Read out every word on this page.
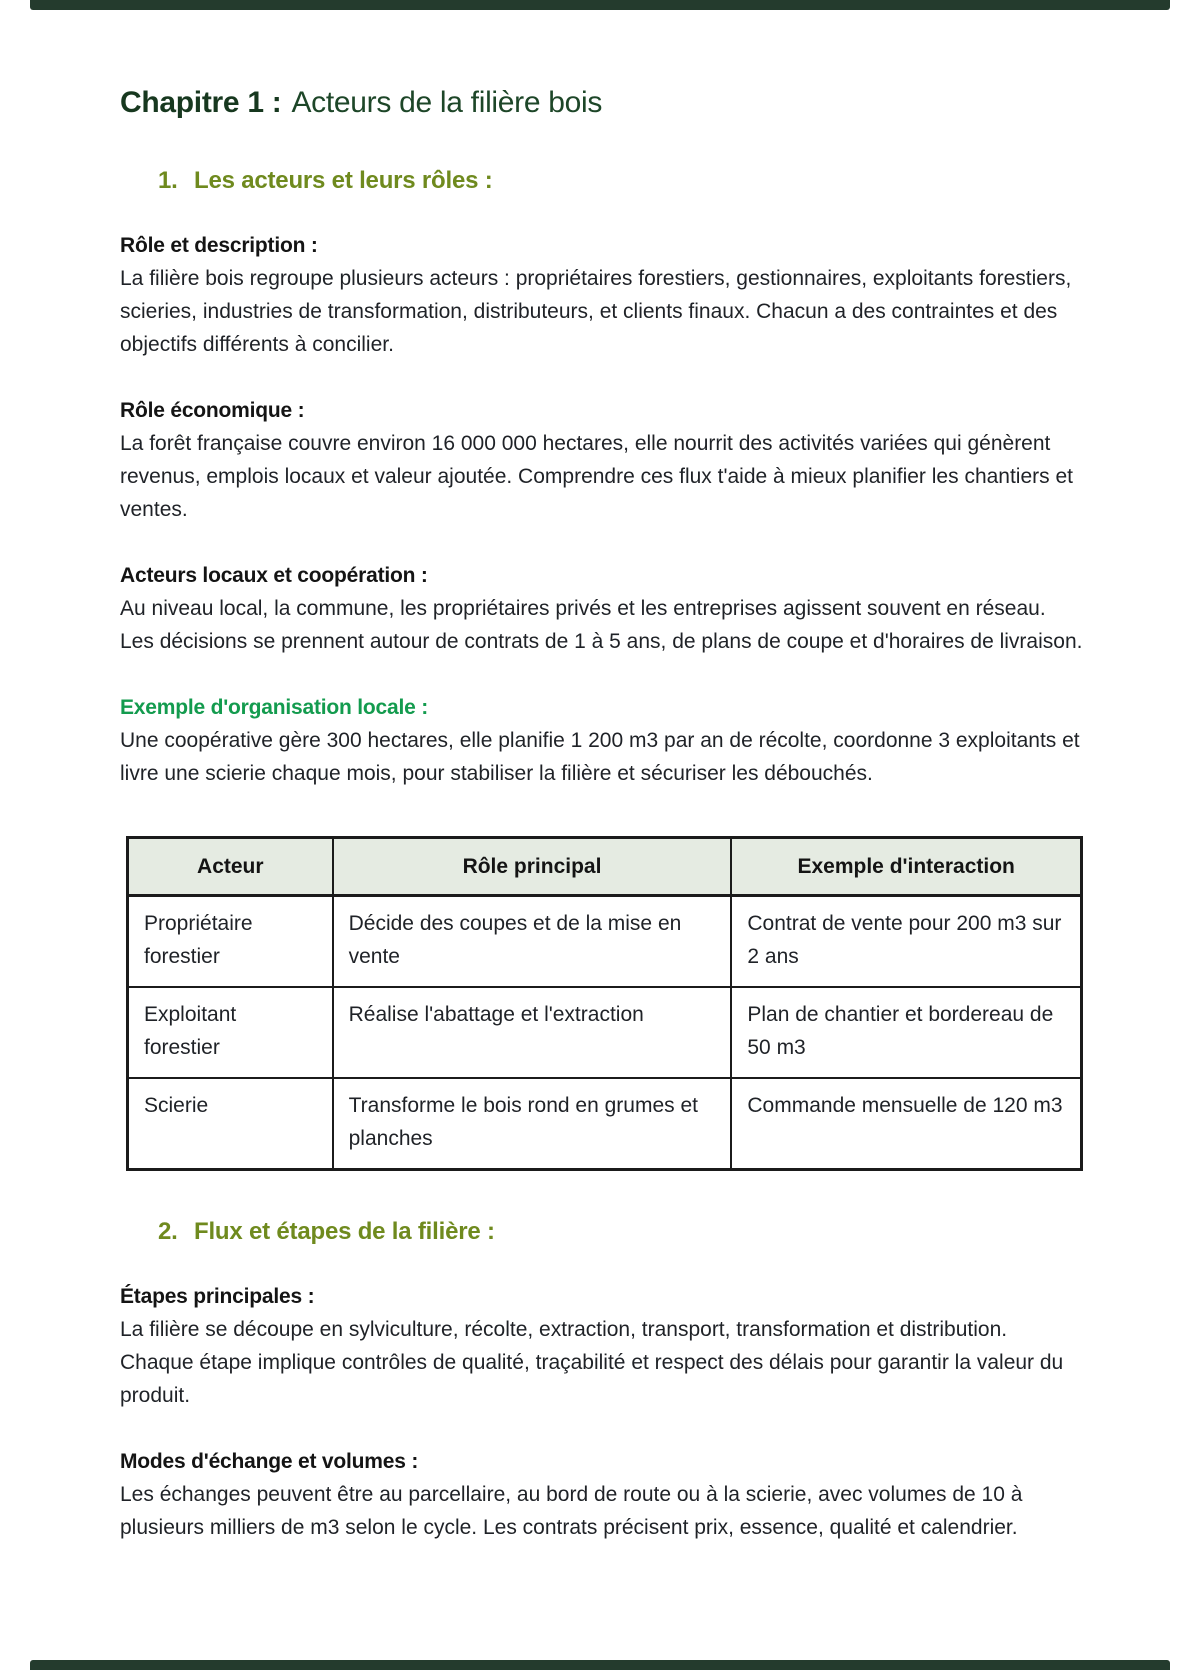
Chapitre 1 : Acteurs de la filière bois
1. Les acteurs et leurs rôles :
Rôle et description :
La filière bois regroupe plusieurs acteurs : propriétaires forestiers, gestionnaires, exploitants forestiers, scieries, industries de transformation, distributeurs, et clients finaux. Chacun a des contraintes et des objectifs différents à concilier.
Rôle économique :
La forêt française couvre environ 16 000 000 hectares, elle nourrit des activités variées qui génèrent revenus, emplois locaux et valeur ajoutée. Comprendre ces flux t'aide à mieux planifier les chantiers et ventes.
Acteurs locaux et coopération :
Au niveau local, la commune, les propriétaires privés et les entreprises agissent souvent en réseau. Les décisions se prennent autour de contrats de 1 à 5 ans, de plans de coupe et d'horaires de livraison.
Exemple d'organisation locale :
Une coopérative gère 300 hectares, elle planifie 1 200 m3 par an de récolte, coordonne 3 exploitants et livre une scierie chaque mois, pour stabiliser la filière et sécuriser les débouchés.
Acteur	Rôle principal	Exemple d'interaction
Propriétaire forestier	Décide des coupes et de la mise en vente	Contrat de vente pour 200 m3 sur 2 ans
Exploitant forestier	Réalise l'abattage et l'extraction	Plan de chantier et bordereau de 50 m3
Scierie	Transforme le bois rond en grumes et planches	Commande mensuelle de 120 m3
2. Flux et étapes de la filière :
Étapes principales :
La filière se découpe en sylviculture, récolte, extraction, transport, transformation et distribution. Chaque étape implique contrôles de qualité, traçabilité et respect des délais pour garantir la valeur du produit.
Modes d'échange et volumes :
Les échanges peuvent être au parcellaire, au bord de route ou à la scierie, avec volumes de 10 à plusieurs milliers de m3 selon le cycle. Les contrats précisent prix, essence, qualité et calendrier.
